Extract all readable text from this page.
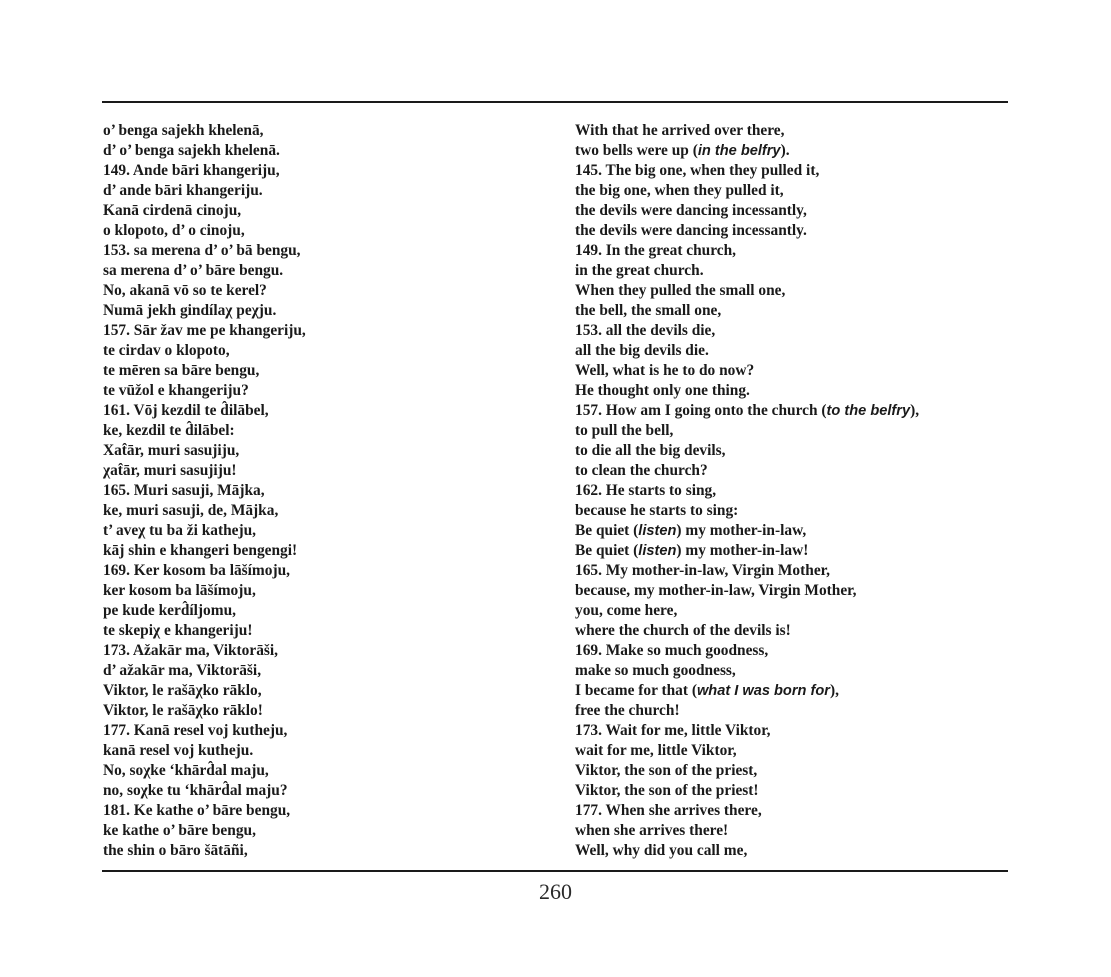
o’ benga sajekh khelenā,
d’ o’ benga sajekh khelenā.
149. Ande bāri khangeriju,
d’ ande bāri khangeriju.
Kanā cirdenā cinoju,
o klopoto, d’ o cinoju,
153. sa merena d’ o’ bā bengu,
sa merena d’ o’ bāre bengu.
No, akanā vō so te kerel?
Numā jekh gindílaχ peχju.
157. Sār žav me pe khangeriju,
te cirdav o klopoto,
te mēren sa bāre bengu,
te vūžol e khangeriju?
161. Vōj kezdil te d̂ilābel,
ke, kezdil te d̂ilābel:
Xat̂ār, muri sasujiju,
χat̂ār, muri sasujiju!
165. Muri sasuji, Mājka,
ke, muri sasuji, de, Mājka,
t’ aveχ tu ba ži katheju,
kāj shin e khangeri bengengi!
169. Ker kosom ba lāšímoju,
ker kosom ba lāšímoju,
pe kude kerd̂íljomu,
te skepiχ e khangeriju!
173. Ažakār ma, Viktorāši,
d’ ažakār ma, Viktorāši,
Viktor, le rašāχko rāklo,
Viktor, le rašāχko rāklo!
177. Kanā resel voj kutheju,
kanā resel voj kutheju.
No, soχke ‘khārd̂al maju,
no, soχke tu ‘khārd̂al maju?
181. Ke kathe o’ bāre bengu,
ke kathe o’ bāre bengu,
the shin o bāro šātāñi,
With that he arrived over there,
two bells were up (in the belfry).
145. The big one, when they pulled it,
the big one, when they pulled it,
the devils were dancing incessantly,
the devils were dancing incessantly.
149. In the great church,
in the great church.
When they pulled the small one,
the bell, the small one,
153. all the devils die,
all the big devils die.
Well, what is he to do now?
He thought only one thing.
157. How am I going onto the church (to the belfry),
to pull the bell,
to die all the big devils,
to clean the church?
162. He starts to sing,
because he starts to sing:
Be quiet (listen) my mother-in-law,
Be quiet (listen) my mother-in-law!
165. My mother-in-law, Virgin Mother,
because, my mother-in-law, Virgin Mother,
you, come here,
where the church of the devils is!
169. Make so much goodness,
make so much goodness,
I became for that (what I was born for),
free the church!
173. Wait for me, little Viktor,
wait for me, little Viktor,
Viktor, the son of the priest,
Viktor, the son of the priest!
177. When she arrives there,
when she arrives there!
Well, why did you call me,
260
